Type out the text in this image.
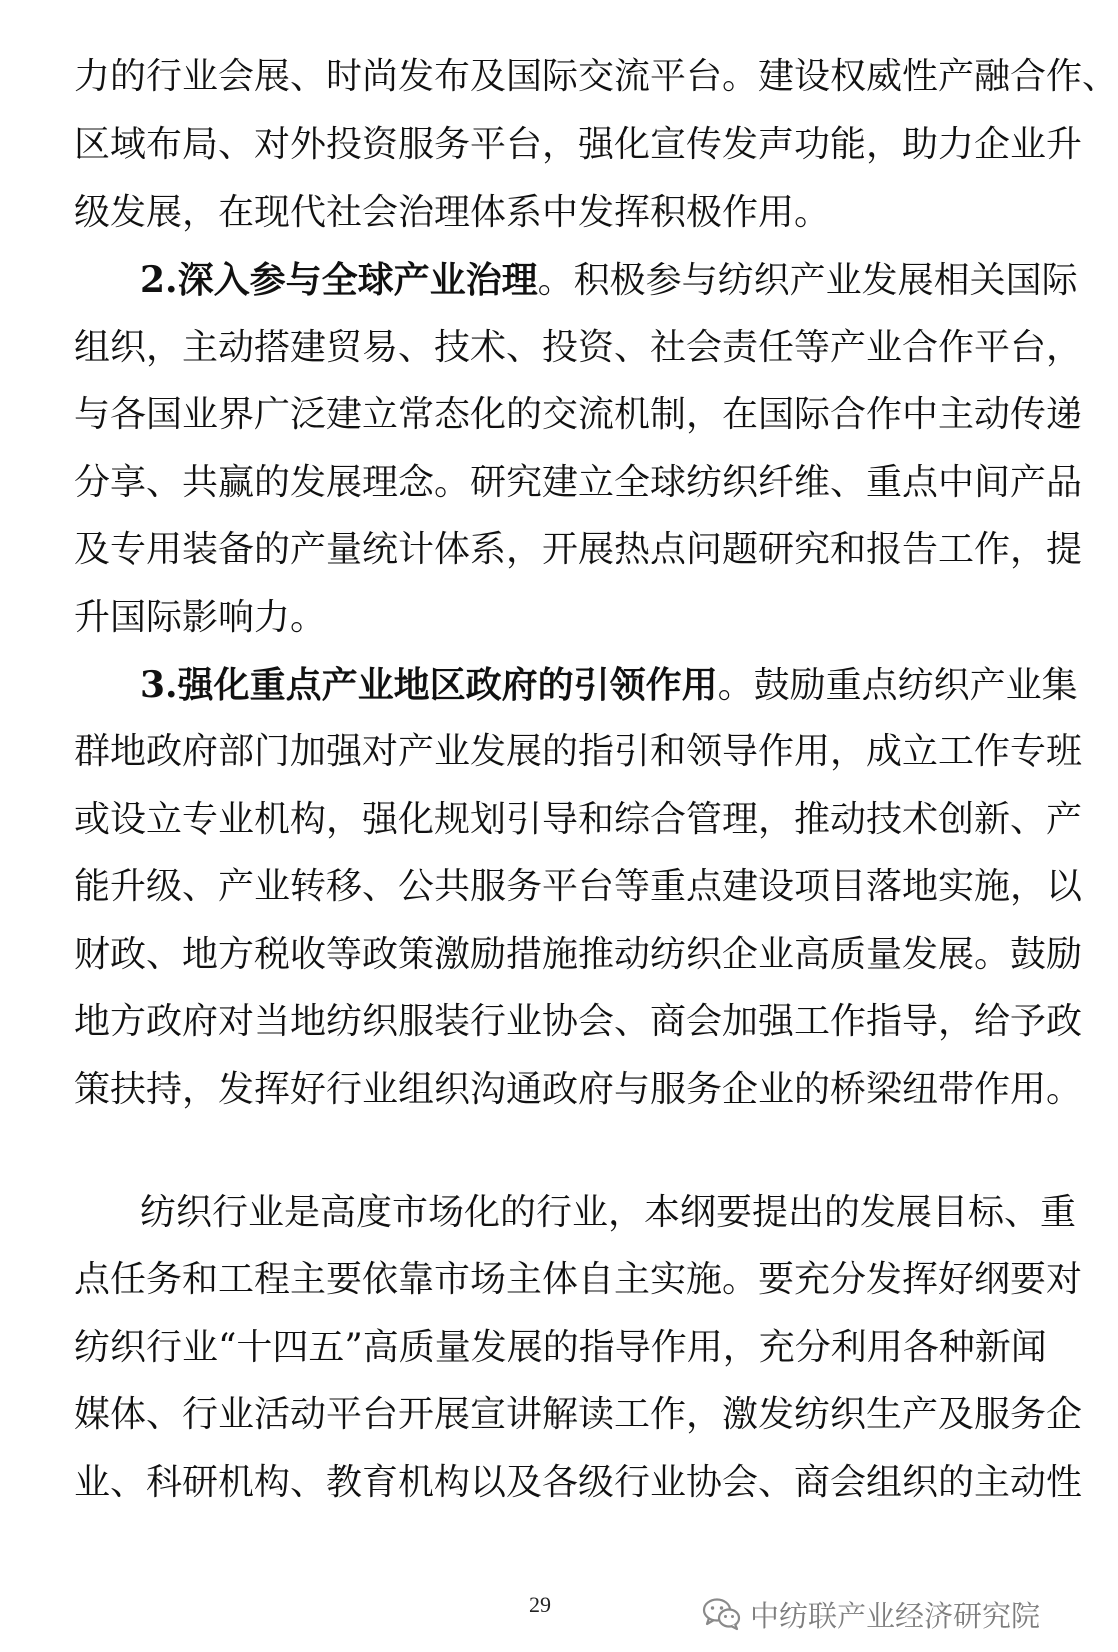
力的行业会展、时尚发布及国际交流平台。建设权威性产融合作、
区域布局、对外投资服务平台，强化宣传发声功能，助力企业升
级发展，在现代社会治理体系中发挥积极作用。
2.深入参与全球产业治理。积极参与纺织产业发展相关国际
组织，主动搭建贸易、技术、投资、社会责任等产业合作平台，
与各国业界广泛建立常态化的交流机制，在国际合作中主动传递
分享、共赢的发展理念。研究建立全球纺织纤维、重点中间产品
及专用装备的产量统计体系，开展热点问题研究和报告工作，提
升国际影响力。
3.强化重点产业地区政府的引领作用。鼓励重点纺织产业集
群地政府部门加强对产业发展的指引和领导作用，成立工作专班
或设立专业机构，强化规划引导和综合管理，推动技术创新、产
能升级、产业转移、公共服务平台等重点建设项目落地实施，以
财政、地方税收等政策激励措施推动纺织企业高质量发展。鼓励
地方政府对当地纺织服装行业协会、商会加强工作指导，给予政
策扶持，发挥好行业组织沟通政府与服务企业的桥梁纽带作用。
纺织行业是高度市场化的行业，本纲要提出的发展目标、重
点任务和工程主要依靠市场主体自主实施。要充分发挥好纲要对
纺织行业“十四五”高质量发展的指导作用，充分利用各种新闻
媒体、行业活动平台开展宣讲解读工作，激发纺织生产及服务企
业、科研机构、教育机构以及各级行业协会、商会组织的主动性
29	中纺联产业经济研究院
